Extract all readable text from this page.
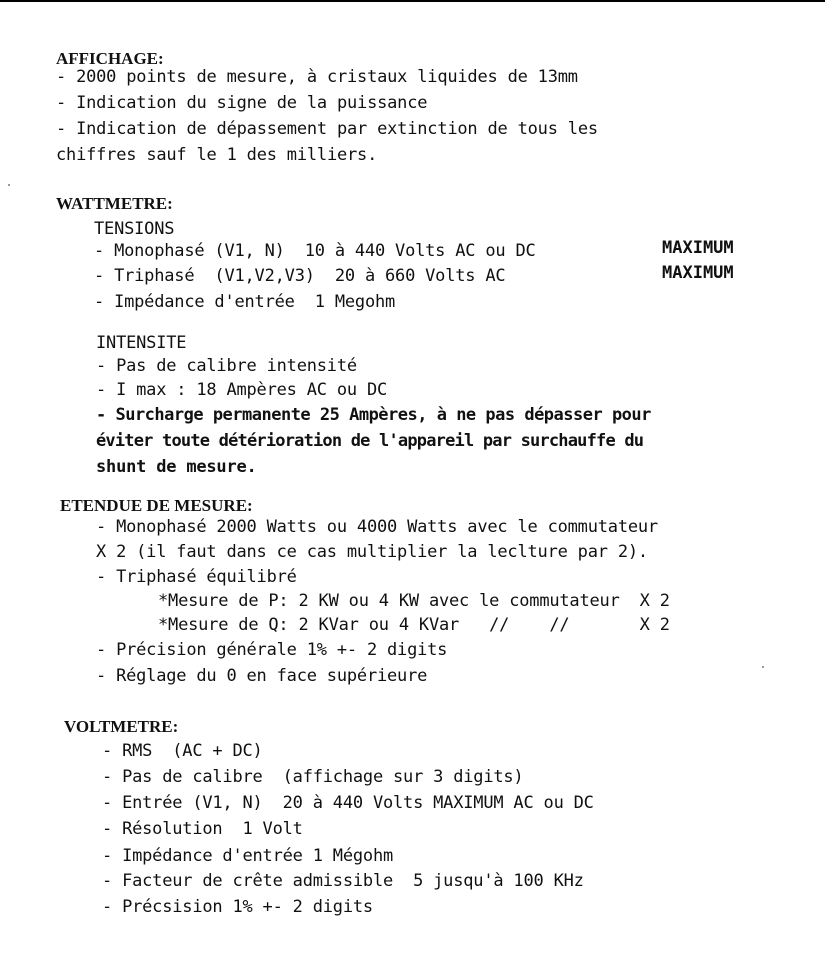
AFFICHAGE:
- 2000 points de mesure, à cristaux liquides de 13mm
- Indication du signe de la puissance
- Indication de dépassement par extinction de tous les
chiffres sauf le 1 des milliers.
WATTMETRE:
TENSIONS
- Monophasé (V1, N)  10 à 440 Volts AC ou DC	MAXIMUM
- Triphasé  (V1,V2,V3)  20 à 660 Volts AC	MAXIMUM
- Impédance d'entrée  1 Megohm
INTENSITE
- Pas de calibre intensité
- I max : 18 Ampères AC ou DC
- Surcharge permanente 25 Ampères, à ne pas dépasser pour
éviter toute détérioration de l'appareil par surchauffe du
shunt de mesure.
ETENDUE DE MESURE:
- Monophasé 2000 Watts ou 4000 Watts avec le commutateur
X 2 (il faut dans ce cas multiplier la leclture par 2).
- Triphasé équilibré
*Mesure de P: 2 KW ou 4 KW avec le commutateur  X 2
*Mesure de Q: 2 KVar ou 4 KVar   //    //       X 2
- Précision générale 1% +- 2 digits
- Réglage du 0 en face supérieure
VOLTMETRE:
- RMS  (AC + DC)
- Pas de calibre  (affichage sur 3 digits)
- Entrée (V1, N)  20 à 440 Volts MAXIMUM AC ou DC
- Résolution  1 Volt
- Impédance d'entrée 1 Mégohm
- Facteur de crête admissible  5 jusqu'à 100 KHz
- Précsision 1% +- 2 digits
